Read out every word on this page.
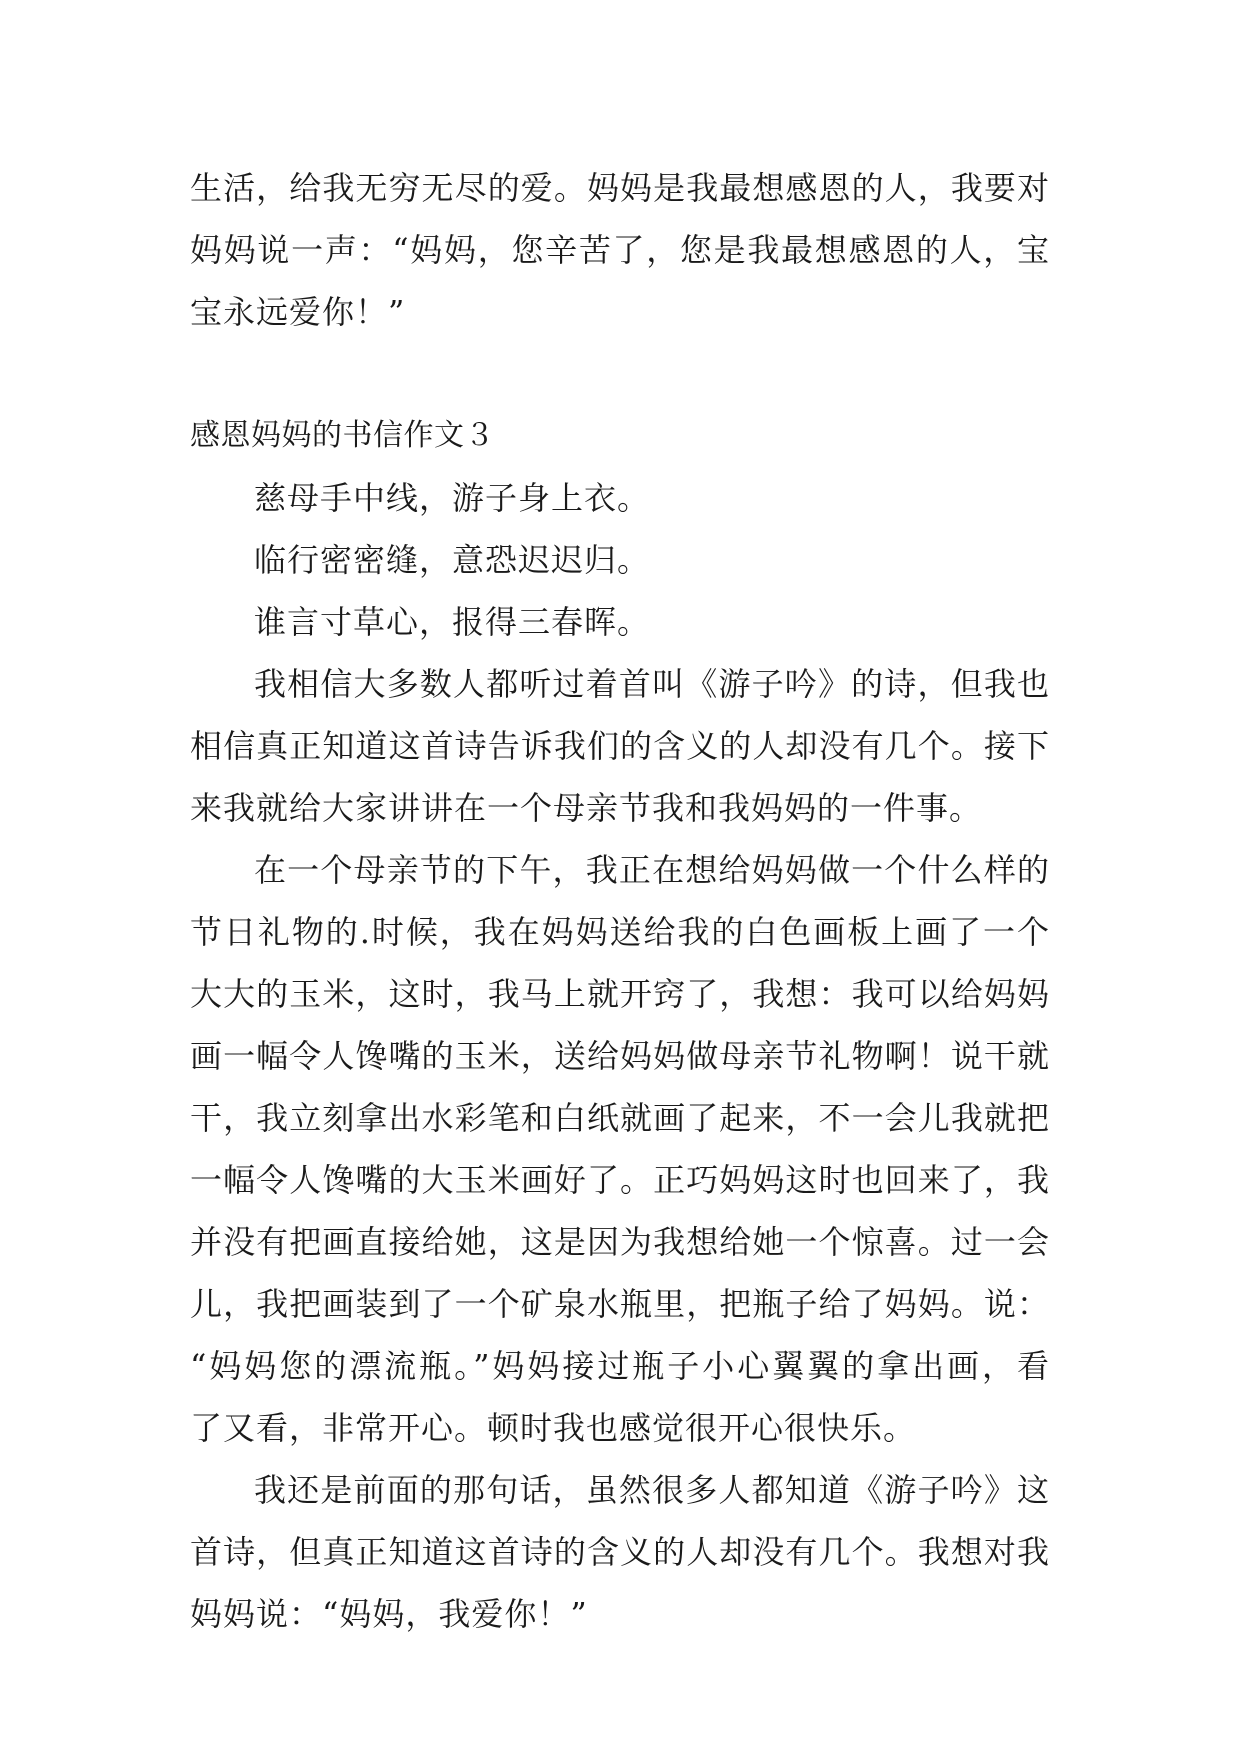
生活，给我无穷无尽的爱。妈妈是我最想感恩的人，我要对
妈妈说一声：“妈妈，您辛苦了，您是我最想感恩的人，宝
宝永远爱你！”
感恩妈妈的书信作文３
慈母手中线，游子身上衣。
临行密密缝，意恐迟迟归。
谁言寸草心，报得三春晖。
我相信大多数人都听过着首叫《游子吟》的诗，但我也
相信真正知道这首诗告诉我们的含义的人却没有几个。接下
来我就给大家讲讲在一个母亲节我和我妈妈的一件事。
在一个母亲节的下午，我正在想给妈妈做一个什么样的
节日礼物的.时候，我在妈妈送给我的白色画板上画了一个
大大的玉米，这时，我马上就开窍了，我想：我可以给妈妈
画一幅令人馋嘴的玉米，送给妈妈做母亲节礼物啊！说干就
干，我立刻拿出水彩笔和白纸就画了起来，不一会儿我就把
一幅令人馋嘴的大玉米画好了。正巧妈妈这时也回来了，我
并没有把画直接给她，这是因为我想给她一个惊喜。过一会
儿，我把画装到了一个矿泉水瓶里，把瓶子给了妈妈。说：
“妈妈您的漂流瓶。”妈妈接过瓶子小心翼翼的拿出画，看
了又看，非常开心。顿时我也感觉很开心很快乐。
我还是前面的那句话，虽然很多人都知道《游子吟》这
首诗，但真正知道这首诗的含义的人却没有几个。我想对我
妈妈说：“妈妈，我爱你！”
